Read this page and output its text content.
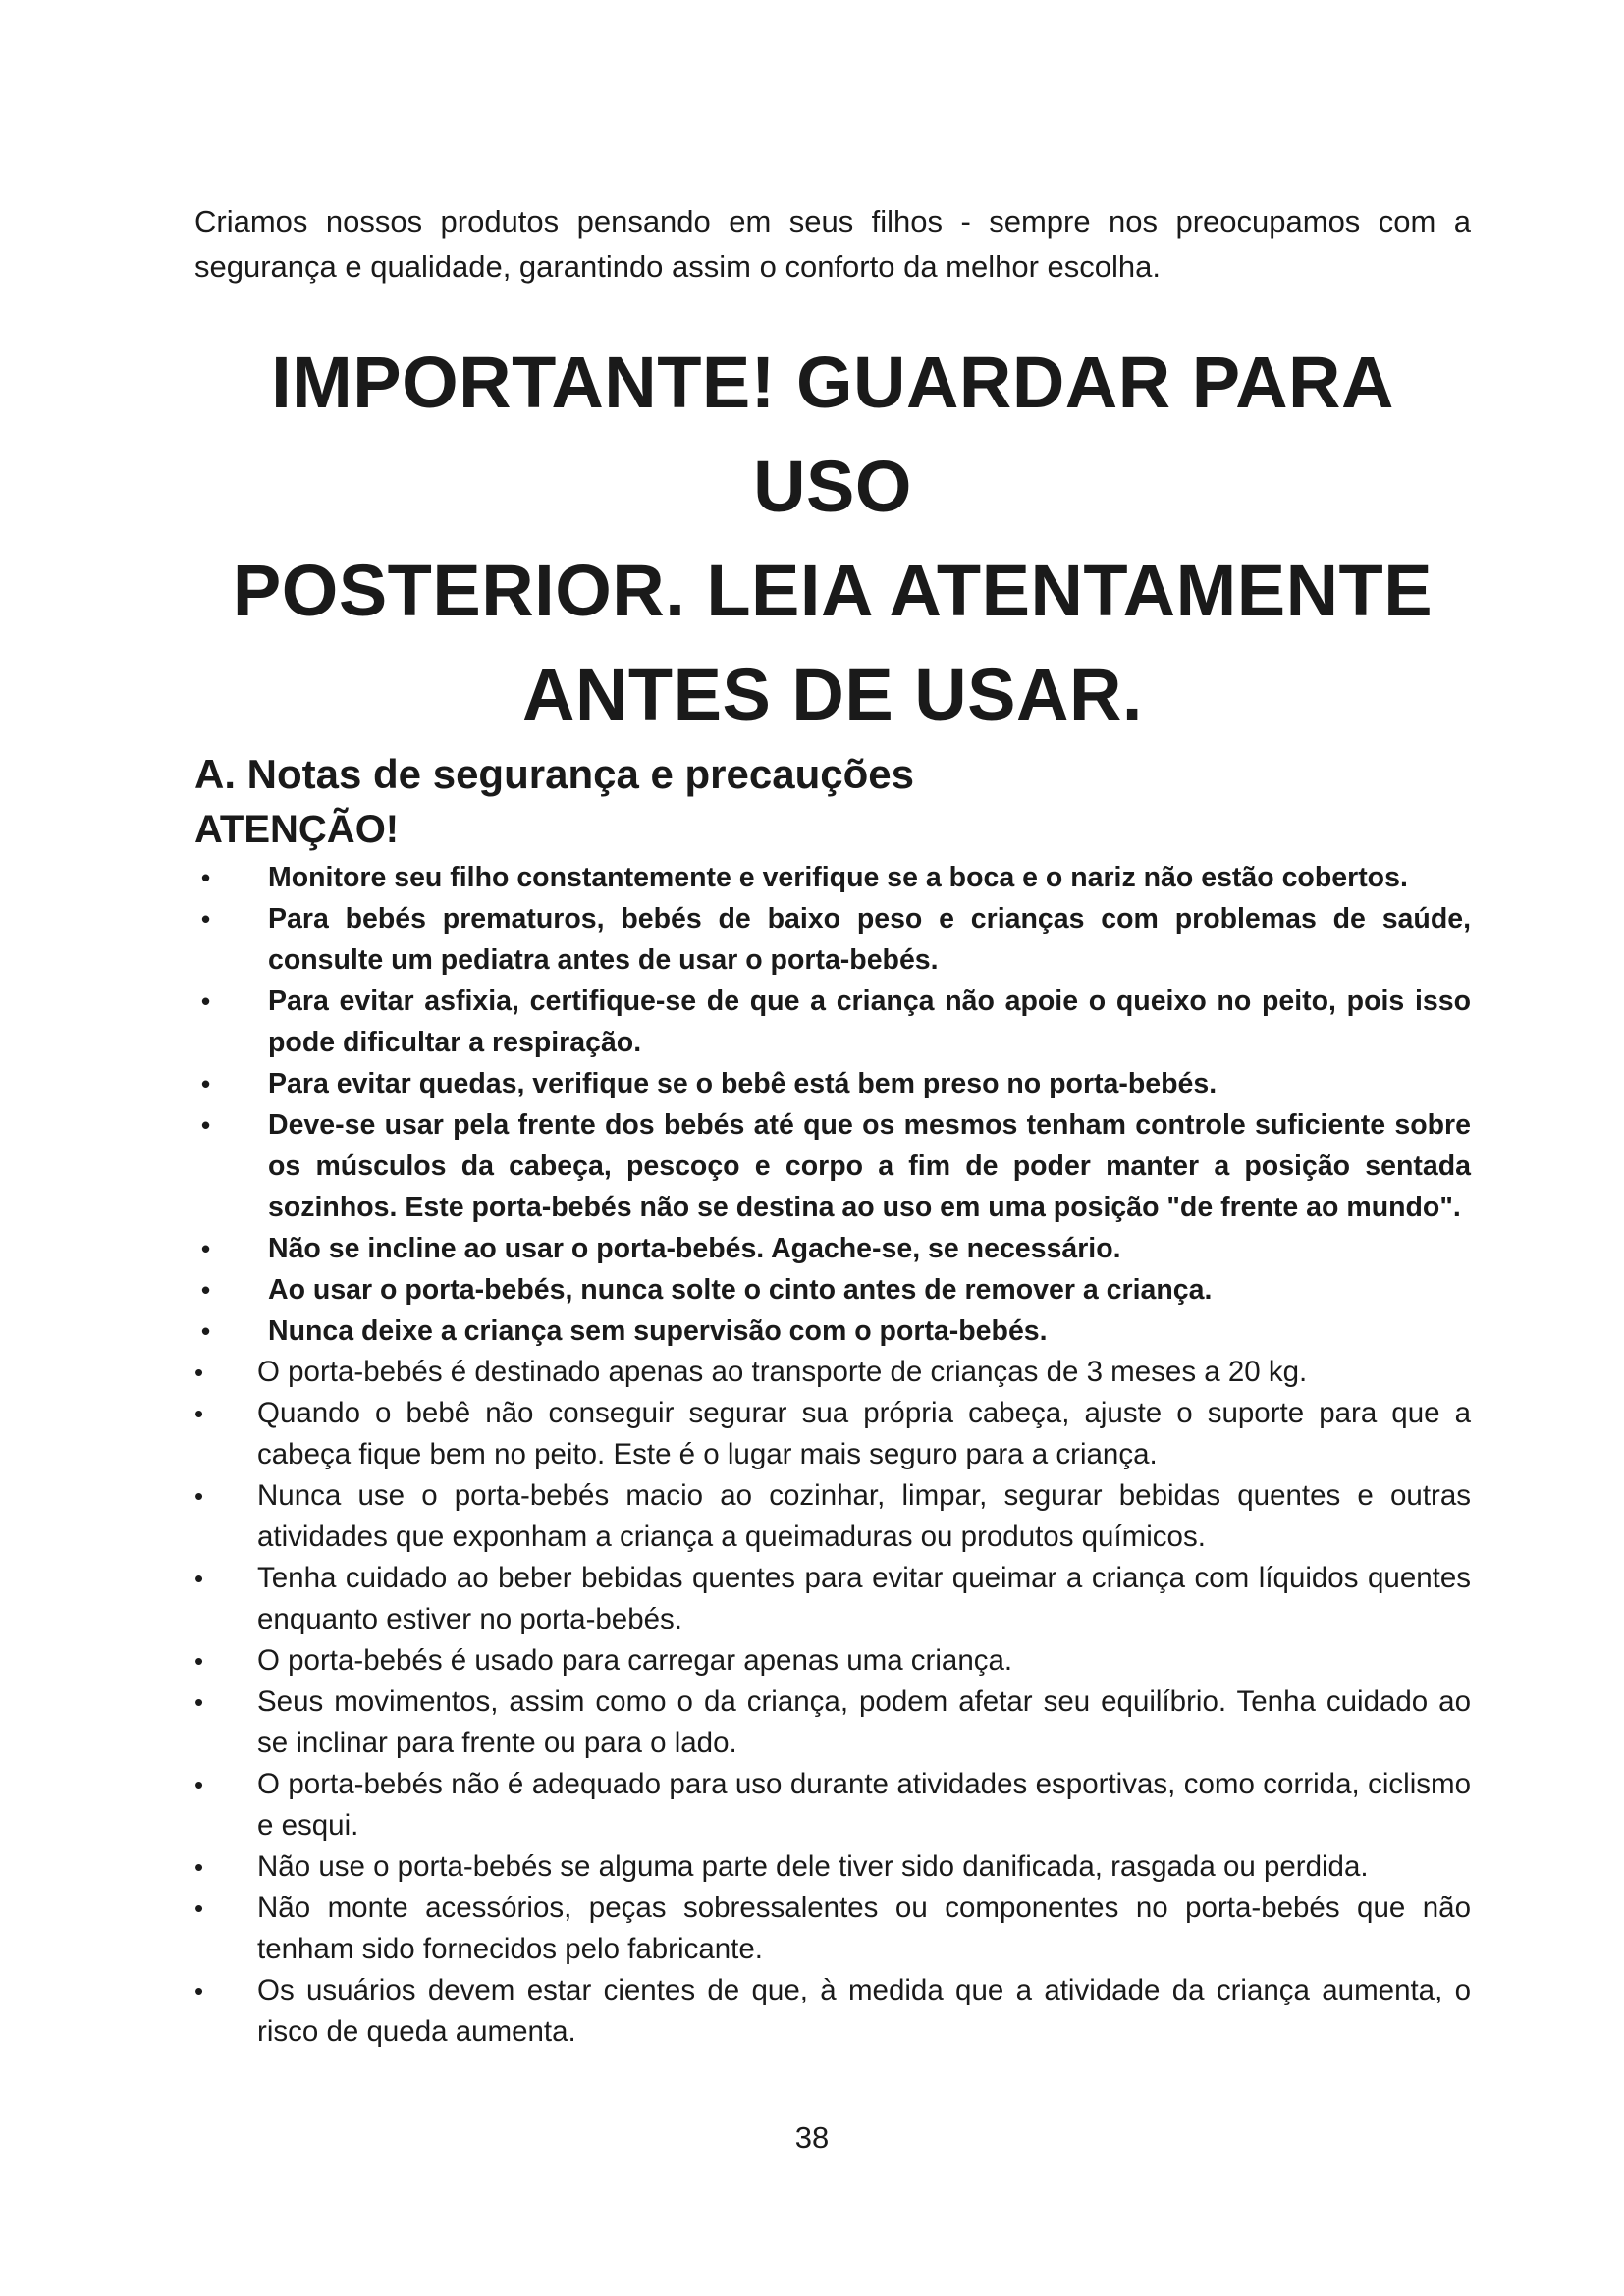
Criamos nossos produtos pensando em seus filhos - sempre nos preocupamos com a segurança e qualidade, garantindo assim o conforto da melhor escolha.

IMPORTANTE! GUARDAR PARA USO
POSTERIOR. LEIA ATENTAMENTE
ANTES DE USAR.
A. Notas de segurança e precauções
ATENÇÃO!
• Monitore seu filho constantemente e verifique se a boca e o nariz não estão cobertos.
• Para bebés prematuros, bebés de baixo peso e crianças com problemas de saúde, consulte um pediatra antes de usar o porta-bebés.
• Para evitar asfixia, certifique-se de que a criança não apoie o queixo no peito, pois isso pode dificultar a respiração.
• Para evitar quedas, verifique se o bebê está bem preso no porta-bebés.
• Deve-se usar pela frente dos bebés até que os mesmos tenham controle suficiente sobre os músculos da cabeça, pescoço e corpo a fim de poder manter a posição sentada sozinhos. Este porta-bebés não se destina ao uso em uma posição "de frente ao mundo".
• Não se incline ao usar o porta-bebés. Agache-se, se necessário.
• Ao usar o porta-bebés, nunca solte o cinto antes de remover a criança.
• Nunca deixe a criança sem supervisão com o porta-bebés.
• O porta-bebés é destinado apenas ao transporte de crianças de 3 meses a 20 kg.
• Quando o bebê não conseguir segurar sua própria cabeça, ajuste o suporte para que a cabeça fique bem no peito. Este é o lugar mais seguro para a criança.
• Nunca use o porta-bebés macio ao cozinhar, limpar, segurar bebidas quentes e outras atividades que exponham a criança a queimaduras ou produtos químicos.
• Tenha cuidado ao beber bebidas quentes para evitar queimar a criança com líquidos quentes enquanto estiver no porta-bebés.
• O porta-bebés é usado para carregar apenas uma criança.
• Seus movimentos, assim como o da criança, podem afetar seu equilíbrio. Tenha cuidado ao se inclinar para frente ou para o lado.
• O porta-bebés não é adequado para uso durante atividades esportivas, como corrida, ciclismo e esqui.
• Não use o porta-bebés se alguma parte dele tiver sido danificada, rasgada ou perdida.
• Não monte acessórios, peças sobressalentes ou componentes no porta-bebés que não tenham sido fornecidos pelo fabricante.
• Os usuários devem estar cientes de que, à medida que a atividade da criança aumenta, o risco de queda aumenta.
38
